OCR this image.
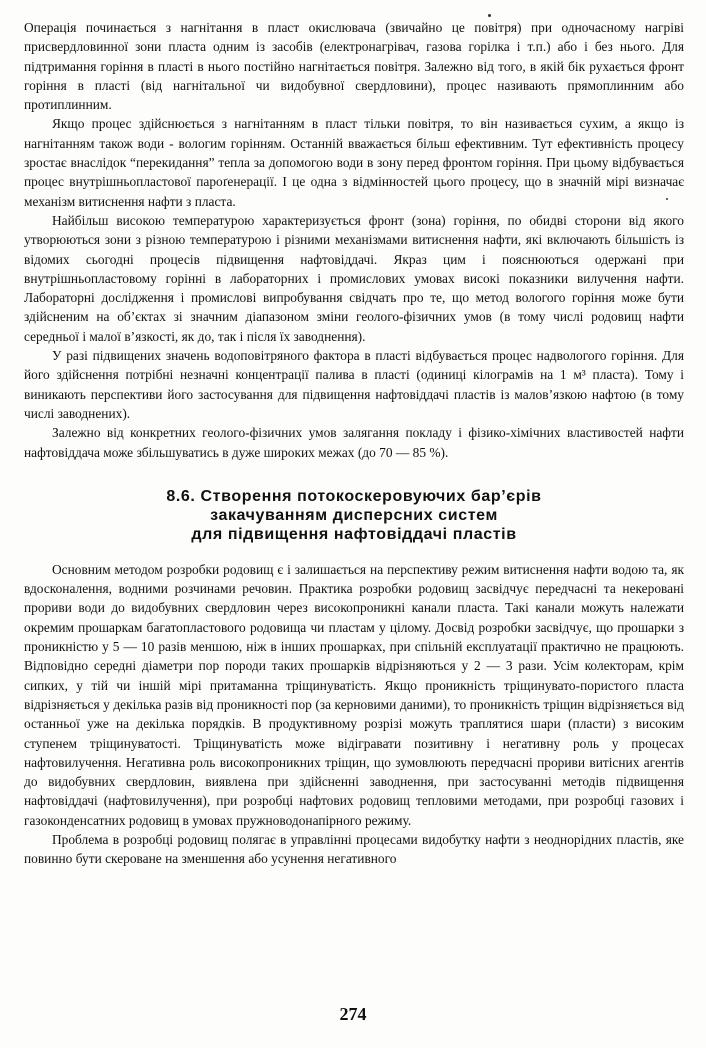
Операція починається з нагнітання в пласт окислювача (звичайно це повітря) при одночасному нагріві присвердловинної зони пласта одним із засобів (електронагрівач, газова горілка і т.п.) або і без нього. Для підтримання горіння в пласті в нього постійно нагнітається повітря. Залежно від того, в якій бік рухається фронт горіння в пласті (від нагнітальної чи видобувної свердловини), процес називають прямоплинним або протиплинним.

Якщо процес здійснюється з нагнітанням в пласт тільки повітря, то він називається сухим, а якщо із нагнітанням також води - вологим горінням. Останній вважається більш ефективним. Тут ефективність процесу зростає внаслідок “перекидання” тепла за допомогою води в зону перед фронтом горіння. При цьому відбувається процес внутрішньопластової пароґенерації. І це одна з відмінностей цього процесу, що в значній мірі визначає механізм витиснення нафти з пласта.

Найбільш високою температурою характеризується фронт (зона) горіння, по обидві сторони від якого утворюються зони з різною температурою і різними механізмами витиснення нафти, які включають більшість із відомих сьогодні процесів підвищення нафтовіддачі. Якраз цим і пояснюються одержані при внутрішньопластовому горінні в лабораторних і промислових умовах високі показники вилучення нафти. Лабораторні дослідження і промислові випробування свідчать про те, що метод вологого горіння може бути здійсненим на об’єктах зі значним діапазоном зміни геолого-фізичних умов (в тому числі родовищ нафти середньої і малої в’язкості, як до, так і після їх заводнення).

У разі підвищених значень водоповітряного фактора в пласті відбувається процес надвологого горіння. Для його здійснення потрібні незначні концентрації палива в пласті (одиниці кілограмів на 1 м³ пласта). Тому і виникають перспективи його застосування для підвищення нафтовіддачі пластів із малов’язкою нафтою (в тому числі заводнених).

Залежно від конкретних геолого-фізичних умов залягання покладу і фізико-хімічних властивостей нафти нафтовіддача може збільшуватись в дуже широких межах (до 70 — 85 %).

8.6. Створення потокоскеровуючих бар’єрів
закачуванням дисперсних систем
для підвищення нафтовіддачі пластів

Основним методом розробки родовищ є і залишається на перспективу режим витиснення нафти водою та, як вдосконалення, водними розчинами речовин. Практика розробки родовищ засвідчує передчасні та некеровані прориви води до видобувних свердловин через високопроникні канали пласта. Такі канали можуть належати окремим прошаркам багатопластового родовища чи пластам у цілому. Досвід розробки засвідчує, що прошарки з проникністю у 5 — 10 разів меншою, ніж в інших прошарках, при спільній експлуатації практично не працюють. Відповідно середні діаметри пор породи таких прошарків відрізняються у 2 — 3 рази. Усім колекторам, крім сипких, у тій чи іншій мірі притаманна тріщинуватість. Якщо проникність тріщинувато-пористого пласта відрізняється у декілька разів від проникності пор (за керновими даними), то проникність тріщин відрізняється від останньої уже на декілька порядків. В продуктивному розрізі можуть траплятися шари (пласти) з високим ступенем тріщинуватості. Тріщинуватість може відігравати позитивну і негативну роль у процесах нафтовилучення. Негативна роль високопроникних тріщин, що зумовлюють передчасні прориви витісних агентів до видобувних свердловин, виявлена при здійсненні заводнення, при застосуванні методів підвищення нафтовіддачі (нафтовилучення), при розробці нафтових родовищ тепловими методами, при розробці газових і газоконденсатних родовищ в умовах пружноводонапірного режиму.

Проблема в розробці родовищ полягає в управлінні процесами видобутку нафти з неоднорідних пластів, яке повинно бути скероване на зменшення або усунення негативного

274
